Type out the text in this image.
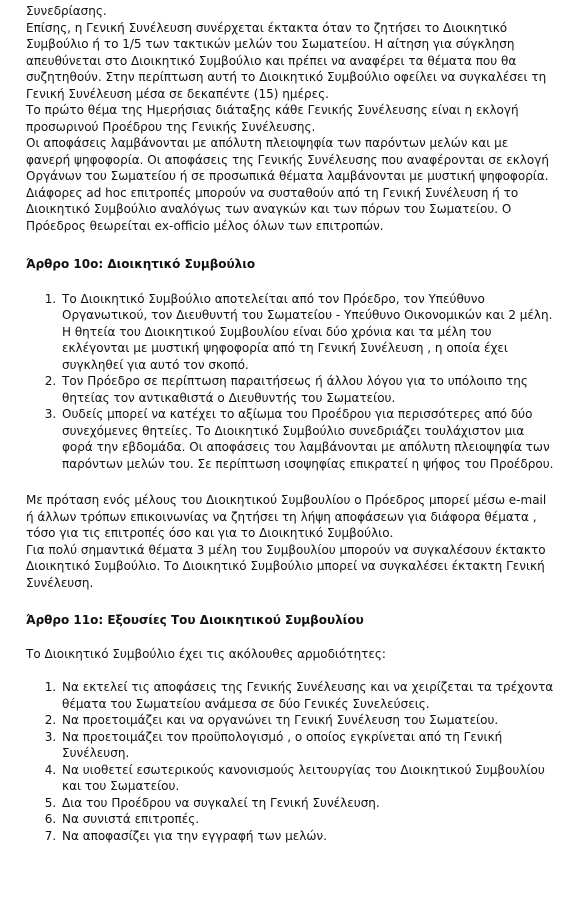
Συνεδρίασης.

Επίσης, η Γενική Συνέλευση συνέρχεται έκτακτα όταν το ζητήσει το Διοικητικό Συμβούλιο ή το 1/5 των τακτικών μελών του Σωματείου. Η αίτηση για σύγκληση απευθύνεται στο Διοικητικό Συμβούλιο και πρέπει να αναφέρει τα θέματα που θα συζητηθούν. Στην περίπτωση αυτή το Διοικητικό Συμβούλιο οφείλει να συγκαλέσει τη Γενική Συνέλευση μέσα σε δεκαπέντε (15) ημέρες.

Το πρώτο θέμα της Ημερήσιας διάταξης κάθε Γενικής Συνέλευσης είναι η εκλογή προσωρινού Προέδρου της Γενικής Συνέλευσης.

Οι αποφάσεις λαμβάνονται με απόλυτη πλειοψηφία των παρόντων μελών και με φανερή ψηφοφορία. Οι αποφάσεις της Γενικής Συνέλευσης που αναφέρονται σε εκλογή Οργάνων του Σωματείου ή σε προσωπικά θέματα λαμβάνονται με μυστική ψηφοφορία.

Διάφορες ad hoc επιτροπές μπορούν να συσταθούν από τη Γενική Συνέλευση ή το Διοικητικό Συμβούλιο αναλόγως των αναγκών και των πόρων του Σωματείου. Ο Πρόεδρος θεωρείται ex-officio μέλος όλων των επιτροπών.

Άρθρο 10ο: Διοικητικό Συμβούλιο
1. Το Διοικητικό Συμβούλιο αποτελείται από τον Πρόεδρο, τον Υπεύθυνο Οργανωτικού, τον Διευθυντή του Σωματείου - Υπεύθυνο Οικονομικών και 2 μέλη. Η θητεία του Διοικητικού Συμβουλίου είναι δύο χρόνια και τα μέλη του εκλέγονται με μυστική ψηφοφορία από τη Γενική Συνέλευση , η οποία έχει συγκληθεί για αυτό τον σκοπό.
2. Τον Πρόεδρο σε περίπτωση παραιτήσεως ή άλλου λόγου για το υπόλοιπο της θητείας τον αντικαθιστά ο Διευθυντής του Σωματείου.
3. Ουδείς μπορεί να κατέχει το αξίωμα του Προέδρου για περισσότερες από δύο συνεχόμενες θητείες. Το Διοικητικό Συμβούλιο συνεδριάζει τουλάχιστον μια φορά την εβδομάδα. Οι αποφάσεις του λαμβάνονται με απόλυτη πλειοψηφία των παρόντων μελών του. Σε περίπτωση ισοψηφίας επικρατεί η ψήφος του Προέδρου.

Με πρόταση ενός μέλους του Διοικητικού Συμβουλίου ο Πρόεδρος μπορεί μέσω e-mail ή άλλων τρόπων επικοινωνίας να ζητήσει τη λήψη αποφάσεων για διάφορα θέματα , τόσο για τις επιτροπές όσο και για το Διοικητικό Συμβούλιο.

Για πολύ σημαντικά θέματα 3 μέλη του Συμβουλίου μπορούν να συγκαλέσουν έκτακτο Διοικητικό Συμβούλιο. Το Διοικητικό Συμβούλιο μπορεί να συγκαλέσει έκτακτη Γενική Συνέλευση.

Άρθρο 11ο: Εξουσίες Του Διοικητικού Συμβουλίου

Το Διοικητικό Συμβούλιο έχει τις ακόλουθες αρμοδιότητες:

1. Να εκτελεί τις αποφάσεις της Γενικής Συνέλευσης και να χειρίζεται τα τρέχοντα θέματα του Σωματείου ανάμεσα σε δύο Γενικές Συνελεύσεις.
2. Να προετοιμάζει και να οργανώνει τη Γενική Συνέλευση του Σωματείου.
3. Να προετοιμάζει τον προϋπολογισμό , ο οποίος εγκρίνεται από τη Γενική Συνέλευση.
4. Να υιοθετεί εσωτερικούς κανονισμούς λειτουργίας του Διοικητικού Συμβουλίου και του Σωματείου.
5. Δια του Προέδρου να συγκαλεί τη Γενική Συνέλευση.
6. Να συνιστά επιτροπές.
7. Να αποφασίζει για την εγγραφή των μελών.
